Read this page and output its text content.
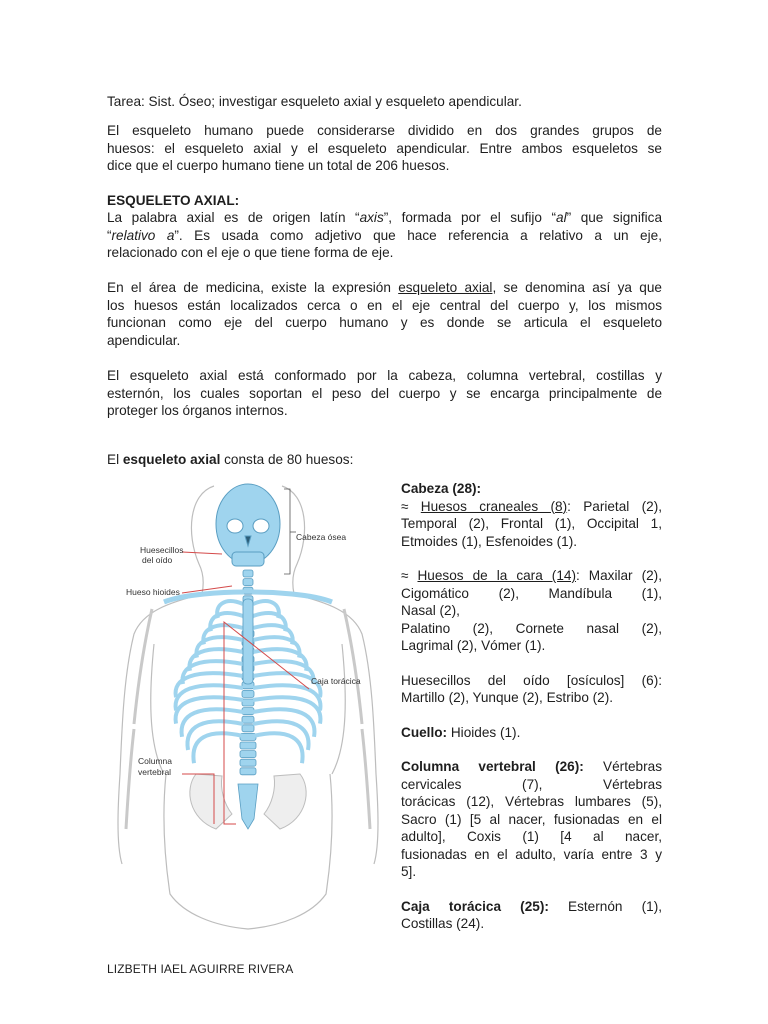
Tarea: Sist. Óseo; investigar esqueleto axial y esqueleto apendicular.

El esqueleto humano puede considerarse dividido en dos grandes grupos de
huesos: el esqueleto axial y el esqueleto apendicular. Entre ambos esqueletos se
dice que el cuerpo humano tiene un total de 206 huesos.

ESQUELETO AXIAL:

La palabra axial es de origen latín “axis”, formada por el sufijo “al” que significa
“relativo a”. Es usada como adjetivo que hace referencia a relativo a un eje,
relacionado con el eje o que tiene forma de eje.
En el área de medicina, existe la expresión esqueleto axial, se denomina así ya que
los huesos están localizados cerca o en el eje central del cuerpo y, los mismos
funcionan como eje del cuerpo humano y es donde se articula el esqueleto
apendicular.
El esqueleto axial está conformado por la cabeza, columna vertebral, costillas y
esternón, los cuales soportan el peso del cuerpo y se encarga principalmente de
proteger los órganos internos.

El esqueleto axial consta de 80 huesos:

Cabeza ósea
Huesecillos
del oído
Hueso hioides
Caja torácica
Columna
vertebral
Cabeza (28):
≈ Huesos craneales (8): Parietal (2),
Temporal (2), Frontal (1), Occipital 1,
Etmoides (1), Esfenoides (1).
≈ Huesos de la cara (14): Maxilar (2),
Cigomático (2), Mandíbula (1),
Nasal (2),
Palatino (2), Cornete nasal (2),
Lagrimal (2), Vómer (1).
Huesecillos del oído [osículos] (6):
Martillo (2), Yunque (2), Estribo (2).
Cuello: Hioides (1).
Columna vertebral (26): Vértebras
cervicales (7), Vértebras
torácicas (12), Vértebras lumbares (5),
Sacro (1) [5 al nacer, fusionadas en el
adulto], Coxis (1) [4 al nacer,
fusionadas en el adulto, varía entre 3 y
5].
Caja torácica (25): Esternón (1),
Costillas (24).
LIZBETH IAEL AGUIRRE RIVERA
